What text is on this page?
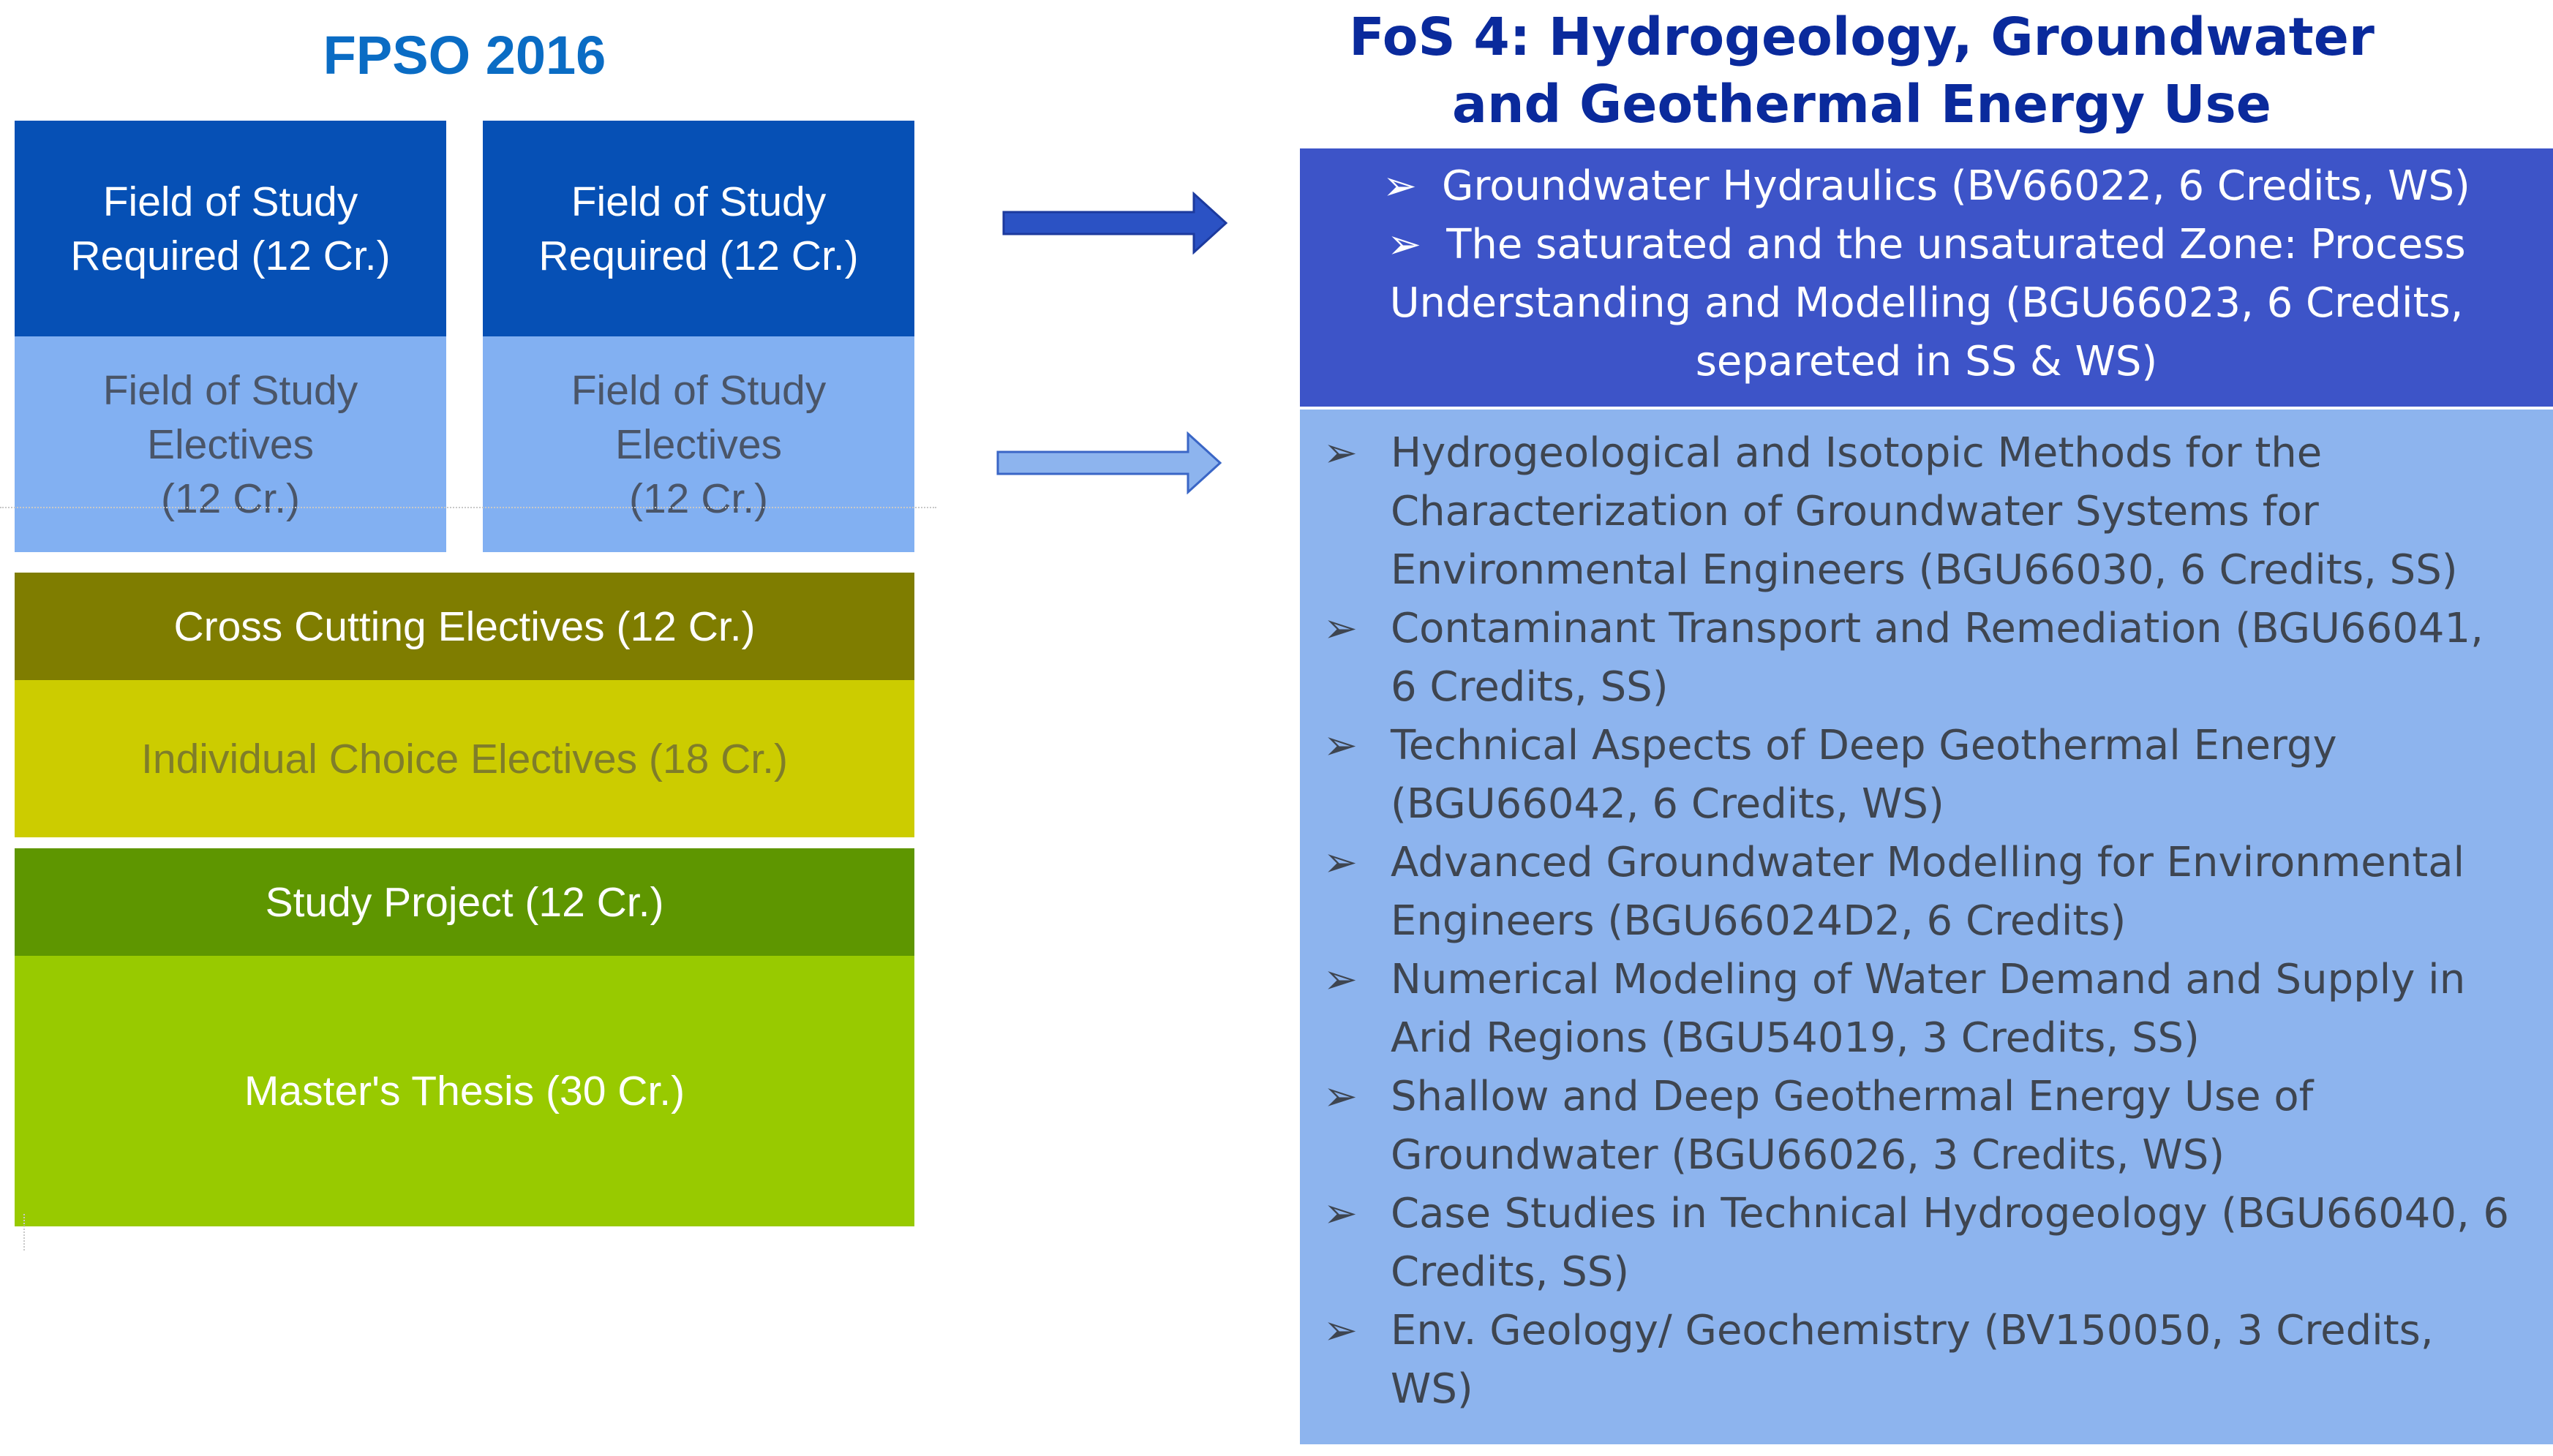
FPSO 2016
Field of Study
Required (12 Cr.)
Field of Study
Required (12 Cr.)
Field of Study
Electives
(12 Cr.)
Field of Study
Electives
(12 Cr.)
Cross Cutting Electives (12 Cr.)
Individual Choice Electives (18 Cr.)
Study Project (12 Cr.)
Master's Thesis (30 Cr.)
FoS 4: Hydrogeology, Groundwater
and Geothermal Energy Use
➢ Groundwater Hydraulics (BV66022, 6 Credits, WS)
➢ The saturated and the unsaturated Zone: Process
Understanding and Modelling (BGU66023, 6 Credits,
separeted in SS & WS)
➢ Hydrogeological and Isotopic Methods for the Characterization of Groundwater Systems for Environmental Engineers (BGU66030, 6 Credits, SS)
➢ Contaminant Transport and Remediation (BGU66041, 6 Credits, SS)
➢ Technical Aspects of Deep Geothermal Energy (BGU66042, 6 Credits, WS)
➢ Advanced Groundwater Modelling for Environmental Engineers (BGU66024D2, 6 Credits)
➢ Numerical Modeling of Water Demand and Supply in Arid Regions (BGU54019, 3 Credits, SS)
➢ Shallow and Deep Geothermal Energy Use of Groundwater (BGU66026, 3 Credits, WS)
➢ Case Studies in Technical Hydrogeology (BGU66040, 6 Credits, SS)
➢ Env. Geology/ Geochemistry (BV150050, 3 Credits, WS)
